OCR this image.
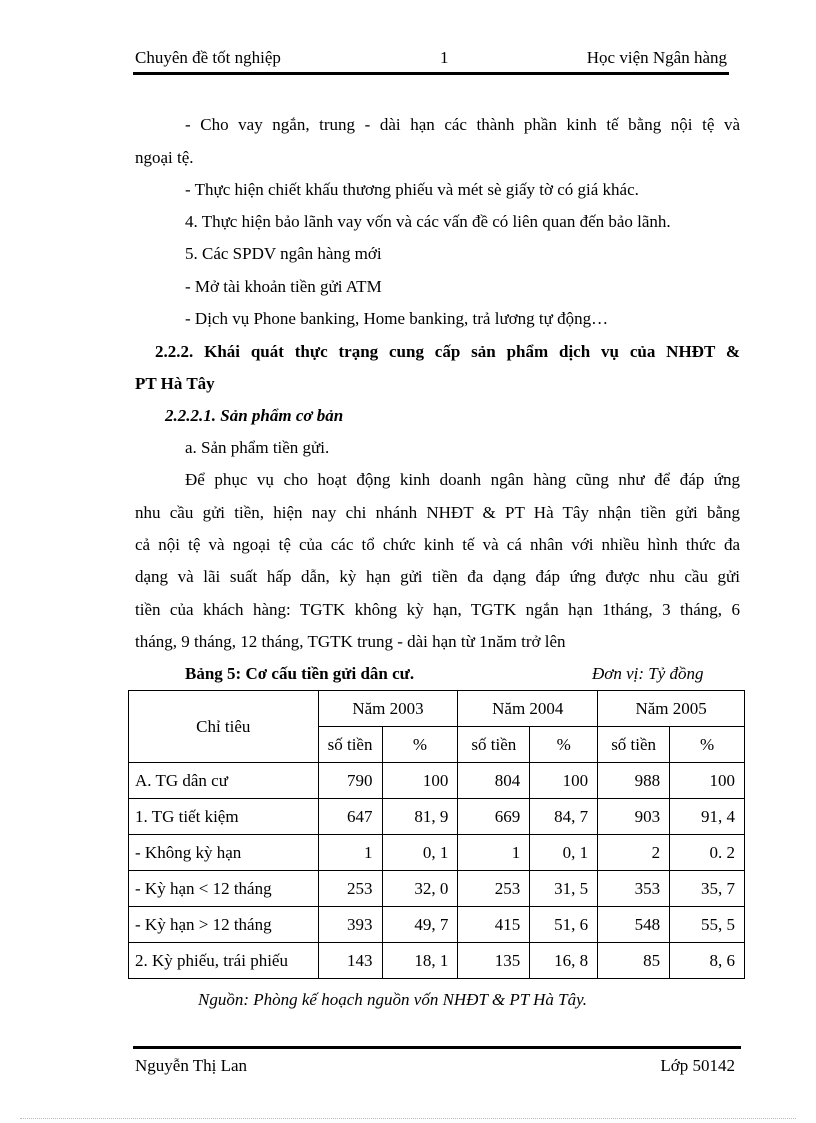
Chuyên đề tốt nghiệp	1	Học viện Ngân hàng
- Cho vay ngắn, trung - dài hạn các thành phần kinh tế bằng nội tệ và
ngoại tệ.
- Thực hiện chiết khấu thương phiếu và mét sè giấy tờ có giá khác.
4. Thực hiện bảo lãnh vay vốn và các vấn đề có liên quan đến bảo lãnh.
5. Các SPDV ngân hàng mới
- Mở tài khoản tiền gửi ATM
- Dịch vụ Phone banking, Home banking, trả lương tự động…
2.2.2. Khái quát thực trạng cung cấp sản phẩm dịch vụ của NHĐT &
PT Hà Tây
2.2.2.1. Sản phẩm cơ bản
a. Sản phẩm tiền gửi.
Để phục vụ cho hoạt động kinh doanh ngân hàng cũng như để đáp ứng
nhu cầu gửi tiền, hiện nay chi nhánh NHĐT & PT Hà Tây nhận tiền gửi bằng
cả nội tệ và ngoại tệ của các tổ chức kinh tế và cá nhân với nhiều hình thức đa
dạng và lãi suất hấp dẫn, kỳ hạn gửi tiền đa dạng đáp ứng được nhu cầu gửi
tiền của khách hàng: TGTK không kỳ hạn, TGTK ngắn hạn 1tháng, 3 tháng, 6
tháng, 9 tháng, 12 tháng, TGTK trung - dài hạn từ 1năm trở lên
Bảng 5: Cơ cấu tiền gửi dân cư.	Đơn vị: Tỷ đồng
Chỉ tiêu	Năm 2003		Năm 2004		Năm 2005	
	số tiền	%	số tiền	%	số tiền	%
A. TG dân cư	790	100	804	100	988	100
1. TG tiết kiệm	647	81, 9	669	84, 7	903	91, 4
- Không kỳ hạn	1	0, 1	1	0, 1	2	0. 2
- Kỳ hạn < 12 tháng	253	32, 0	253	31, 5	353	35, 7
- Kỳ hạn > 12 tháng	393	49, 7	415	51, 6	548	55, 5
2. Kỳ phiếu, trái phiếu	143	18, 1	135	16, 8	85	8, 6
Nguồn: Phòng kế hoạch nguồn vốn NHĐT & PT Hà Tây.
Nguyễn Thị Lan	Lớp 50142
